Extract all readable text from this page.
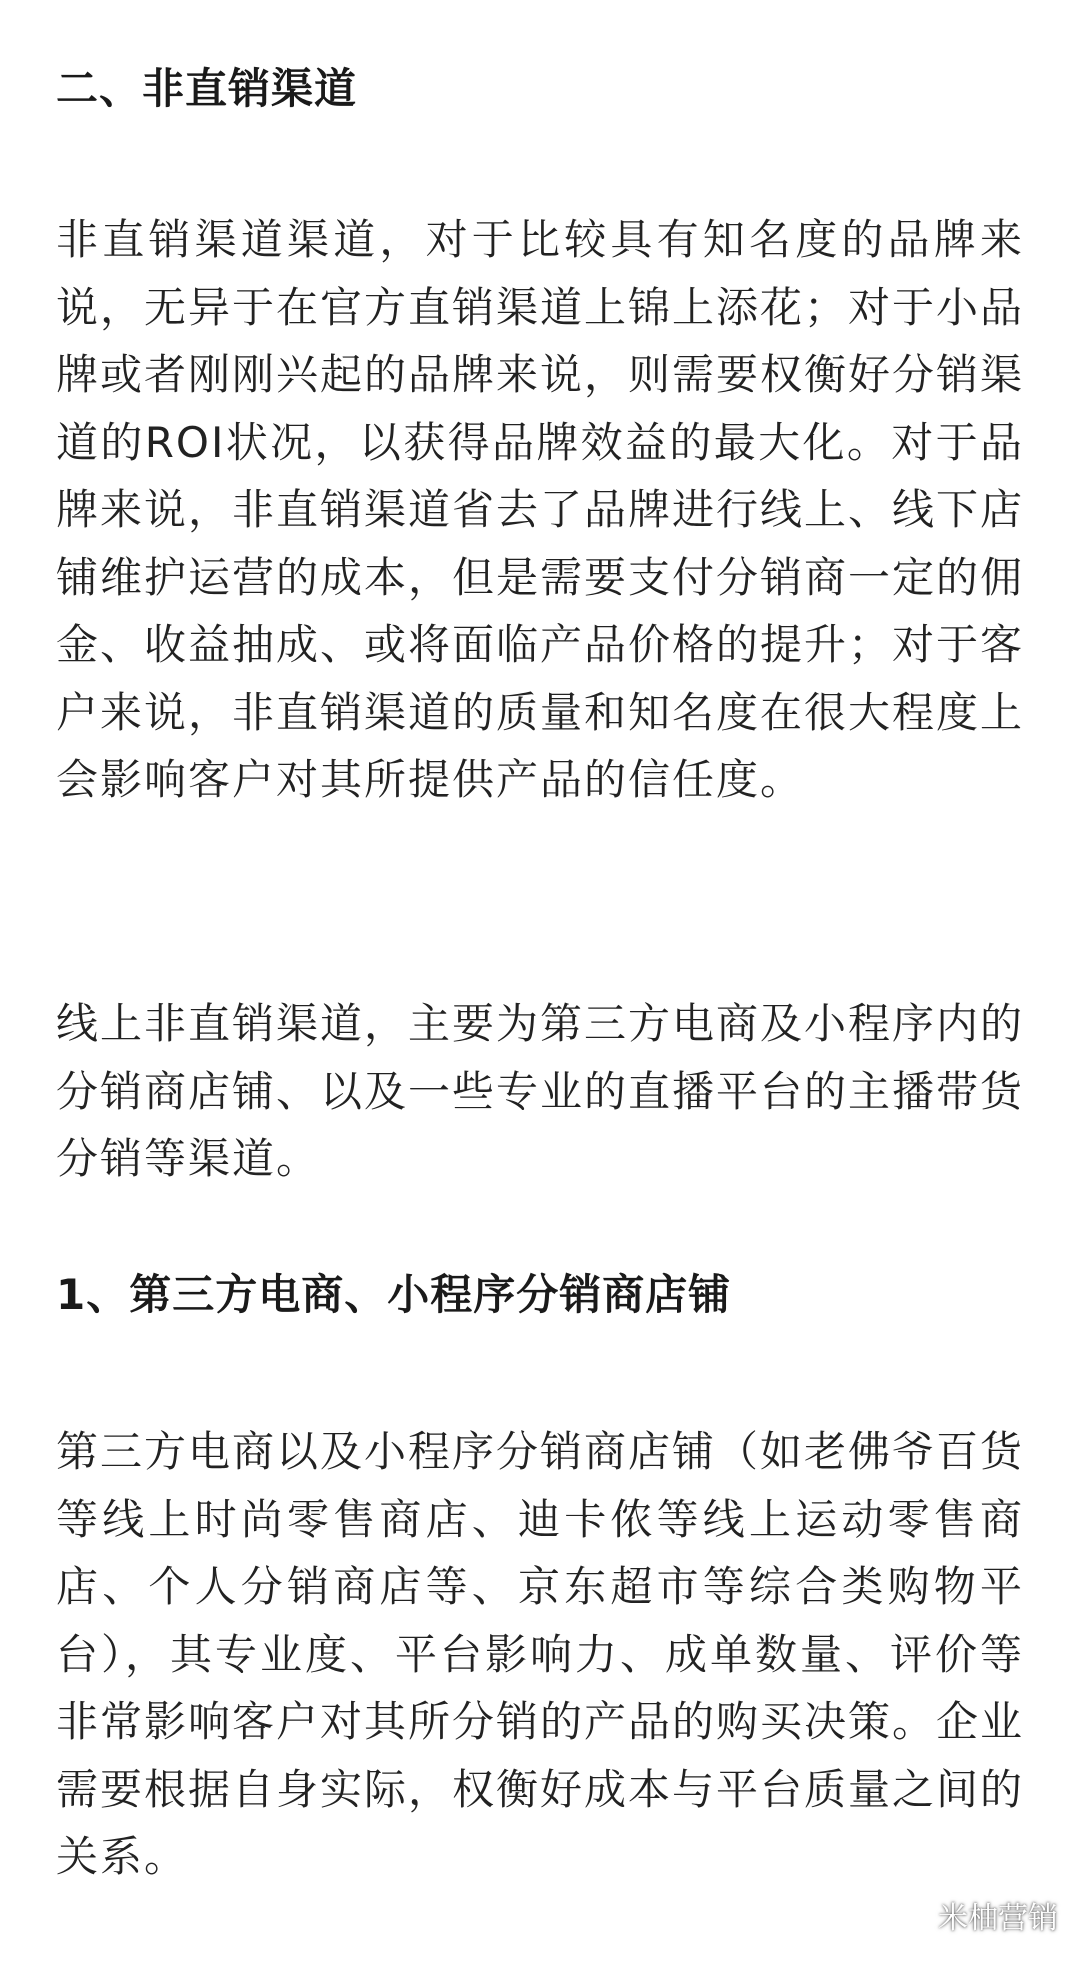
二、非直销渠道

非直销渠道渠道，对于比较具有知名度的品牌来说，无异于在官方直销渠道上锦上添花；对于小品牌或者刚刚兴起的品牌来说，则需要权衡好分销渠道的ROI状况，以获得品牌效益的最大化。对于品牌来说，非直销渠道省去了品牌进行线上、线下店铺维护运营的成本，但是需要支付分销商一定的佣金、收益抽成、或将面临产品价格的提升；对于客户来说，非直销渠道的质量和知名度在很大程度上会影响客户对其所提供产品的信任度。

线上非直销渠道，主要为第三方电商及小程序内的分销商店铺、以及一些专业的直播平台的主播带货分销等渠道。

1、第三方电商、小程序分销商店铺

第三方电商以及小程序分销商店铺（如老佛爷百货等线上时尚零售商店、迪卡侬等线上运动零售商店、个人分销商店等、京东超市等综合类购物平台），其专业度、平台影响力、成单数量、评价等非常影响客户对其所分销的产品的购买决策。企业需要根据自身实际，权衡好成本与平台质量之间的关系。

米柚营销
